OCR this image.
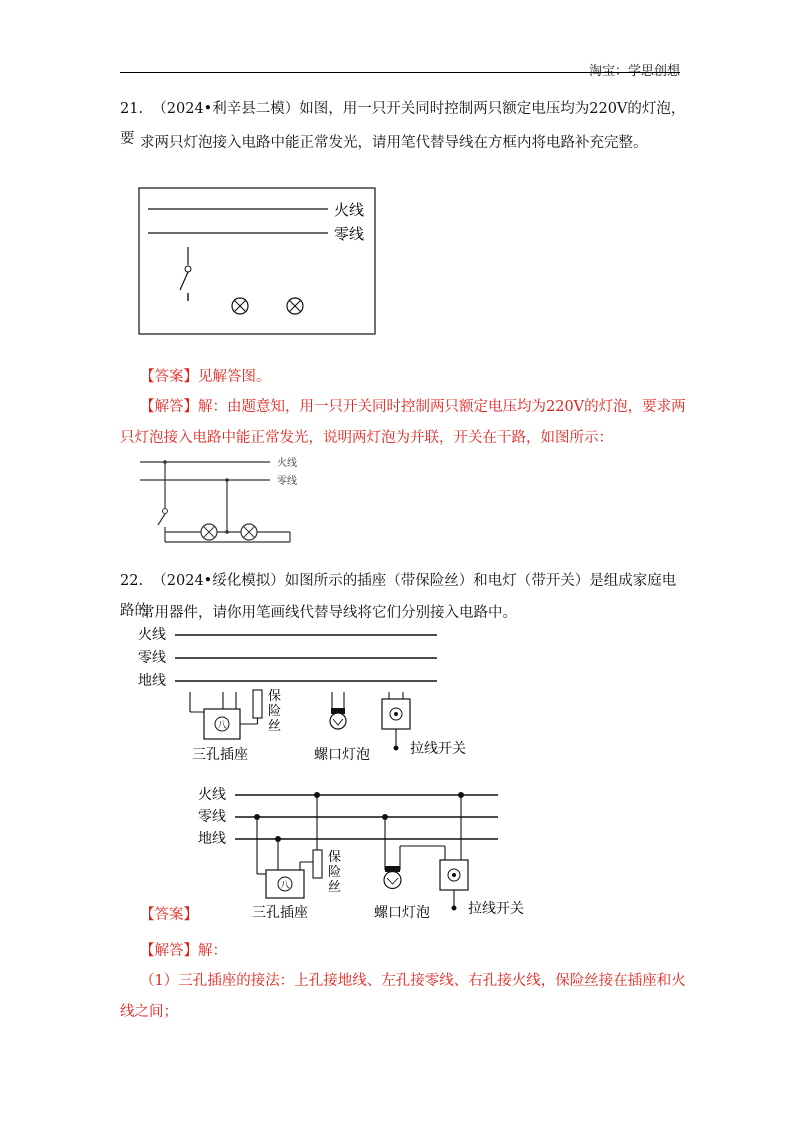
淘宝：学思创想
21. （2024•利辛县二模）如图，用一只开关同时控制两只额定电压均为220V的灯泡，要 求两只灯泡接入电路中能正常发光，请用笔代替导线在方框内将电路补充完整。
火线
零线
【答案】见解答图。
【解答】解：由题意知，用一只开关同时控制两只额定电压均为220V的灯泡，要求两
只灯泡接入电路中能正常发光，说明两灯泡为并联，开关在干路，如图所示：
火线
零线
22. （2024•绥化模拟）如图所示的插座（带保险丝）和电灯（带开关）是组成家庭电路的
常用器件，请你用笔画线代替导线将它们分别接入电路中。
火线
零线
地线
八
保险丝
三孔插座	螺口灯泡	拉线开关
火线
零线
地线
八
保险丝
三孔插座	螺口灯泡	拉线开关
【答案】
【解答】解：
（1）三孔插座的接法：上孔接地线、左孔接零线、右孔接火线，保险丝接在插座和火
线之间；
